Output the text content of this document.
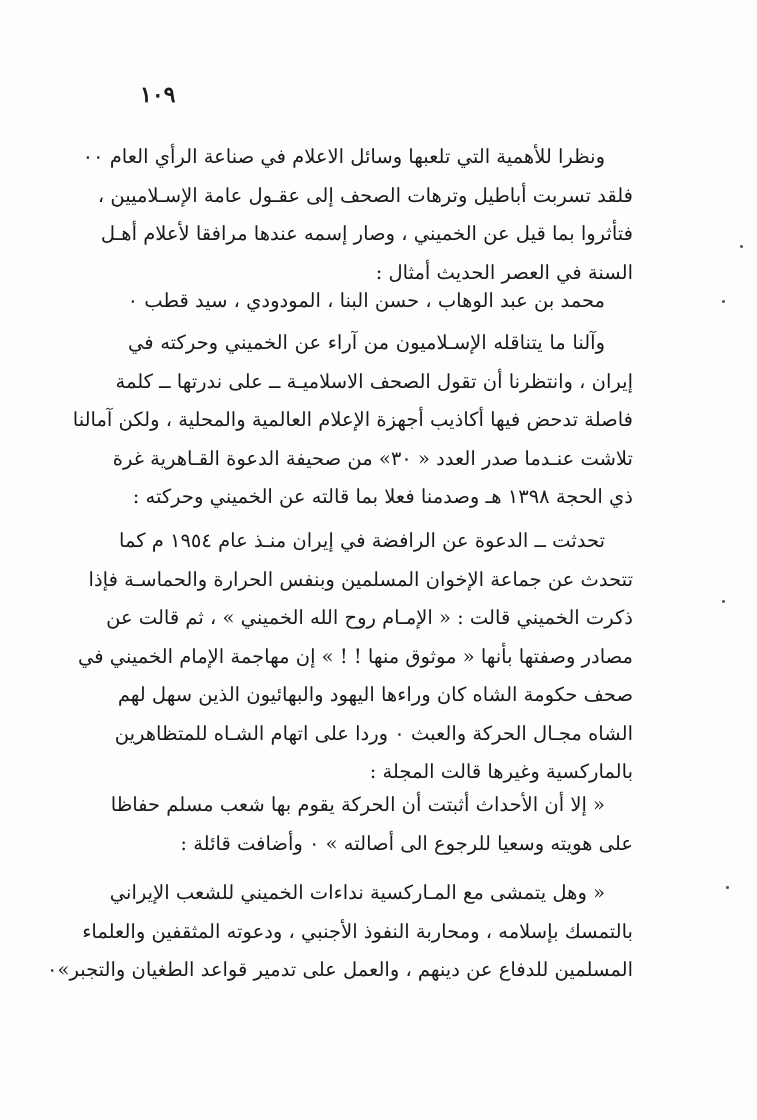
١٠٩
ونظرا للأهمية التي تلعبها وسائل الاعلام في صناعة الرأي العام ٠٠
فلقد تسربت أباطيل وترهات الصحف إلى عقـول عامة الإسـلاميين ،
فتأثروا بما قيل عن الخميني ، وصار إسمه عندها مرافقا لأعلام أهـل
السنة في العصر الحديث أمثال :
محمد بن عبد الوهاب ، حسن البنا ، المودودي ، سيد قطب ٠
وآلنا ما يتناقله الإسـلاميون من آراء عن الخميني وحركته في
إيران ، وانتظرنا أن تقول الصحف الاسلاميـة ــ على ندرتها ــ كلمة
فاصلة تدحض فيها أكاذيب أجهزة الإعلام العالمية والمحلية ، ولكن آمالنا
تلاشت عنـدما صدر العدد « ٣٠» من صحيفة الدعوة القـاهرية غرة
ذي الحجة ١٣٩٨ هـ وصدمنا فعلا بما قالته عن الخميني وحركته :
تحدثت ــ الدعوة عن الرافضة في إيران منـذ عام ١٩٥٤ م كما
تتحدث عن جماعة الإخوان المسلمين وبنفس الحرارة والحماسـة فإذا
ذكرت الخميني قالت : « الإمـام روح الله الخميني » ، ثم قالت عن
مصادر وصفتها بأنها « موثوق منها ! ! » إن مهاجمة الإمام الخميني في
صحف حكومة الشاه كان وراءها اليهود والبهائيون الذين سهل لهم
الشاه مجـال الحركة والعبث ٠ وردا على اتهام الشـاه للمتظاهرين
بالماركسية وغيرها قالت المجلة :
« إلا أن الأحداث أثبتت أن الحركة يقوم بها شعب مسلم حفاظا
على هويته وسعيا للرجوع الى أصالته » ٠ وأضافت قائلة :
« وهل يتمشى مع المـاركسية نداءات الخميني للشعب الإيراني
بالتمسك بإسلامه ، ومحاربة النفوذ الأجنبي ، ودعوته المثقفين والعلماء
المسلمين للدفاع عن دينهم ، والعمل على تدمير قواعد الطغيان والتجبر»٠
